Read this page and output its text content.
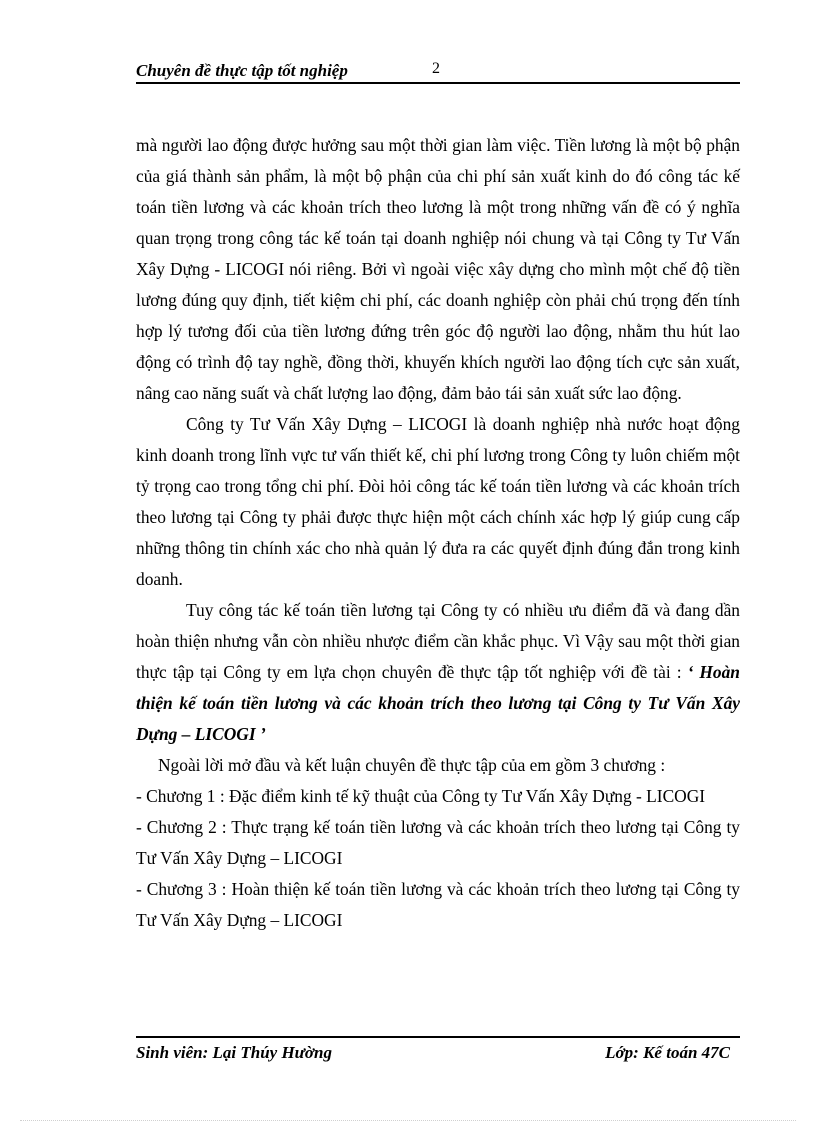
Chuyên đề thực tập tốt nghiệp	2

mà người lao động được hưởng sau một thời gian làm việc. Tiền lương là một bộ phận của giá thành sản phẩm, là một bộ phận của chi phí sản xuất kinh do đó công tác kế toán tiền lương và các khoản trích theo lương là một trong những vấn đề có ý nghĩa quan trọng trong công tác kế toán tại doanh nghiệp nói chung và tại Công ty Tư Vấn Xây Dựng - LICOGI nói riêng. Bởi vì ngoài việc xây dựng cho mình một chế độ tiền lương đúng quy định, tiết kiệm chi phí, các doanh nghiệp còn phải chú trọng đến tính hợp lý tương đối của tiền lương đứng trên góc độ người lao động, nhằm thu hút lao động có trình độ tay nghề, đồng thời, khuyến khích người lao động tích cực sản xuất, nâng cao năng suất và chất lượng lao động, đảm bảo tái sản xuất sức lao động.

Công ty Tư Vấn Xây Dựng – LICOGI là doanh nghiệp nhà nước hoạt động kinh doanh trong lĩnh vực tư vấn thiết kế, chi phí lương trong Công ty luôn chiếm một tỷ trọng cao trong tổng chi phí. Đòi hỏi công tác kế toán tiền lương và các khoản trích theo lương tại Công ty phải được thực hiện một cách chính xác hợp lý giúp cung cấp những thông tin chính xác cho nhà quản lý đưa ra các quyết định đúng đắn trong kinh doanh.

Tuy công tác kế toán tiền lương tại Công ty có nhiều ưu điểm đã và đang dần hoàn thiện nhưng vẫn còn nhiều nhược điểm cần khắc phục. Vì Vậy sau một thời gian thực tập tại Công ty em lựa chọn chuyên đề thực tập tốt nghiệp với đề tài : ‘ Hoàn thiện kế toán tiền lương và các khoản trích theo lương tại Công ty Tư Vấn Xây Dựng – LICOGI ’

Ngoài lời mở đầu và kết luận chuyên đề thực tập của em gồm 3 chương :

- Chương 1 : Đặc điểm kinh tế kỹ thuật của Công ty Tư Vấn Xây Dựng - LICOGI

- Chương 2 : Thực trạng kế toán tiền lương và các khoản trích theo lương tại Công ty Tư Vấn Xây Dựng – LICOGI

- Chương 3 : Hoàn thiện kế toán tiền lương và các khoản trích theo lương tại Công ty Tư Vấn Xây Dựng – LICOGI

Sinh viên: Lại Thúy Hường	Lớp: Kế toán 47C
